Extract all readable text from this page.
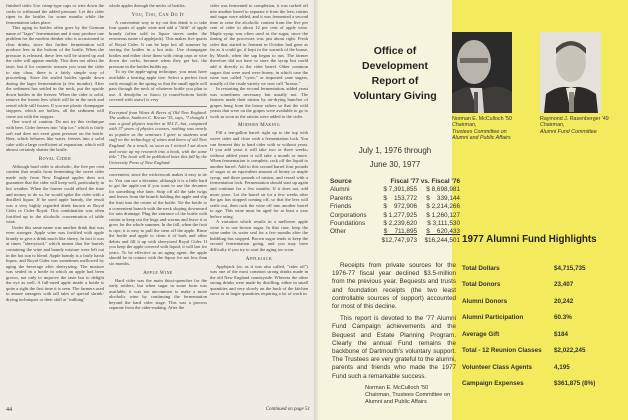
finished cider. Use crimp-type caps or wire down the corks to withstand the added pressure. Let this cider ripen in the bottles for some months while the fermentation takes place.

This aging in bottles often goes by the German name of "lager" fermentation and it may produce one problem for the modern drinker who is accustomed to clear drinks, since this further fermentation will produce lees in the bottom of the bottle. When the pressure is released, these lees will be stirred up and the cider will appear muddy. This does not affect the taste, but if for cosmetic reasons you want the cider to stay clear, there is a fairly simple way of proceeding. Store the sealed bottles upside down during the lager fermentation (a few months). After the sediment has settled in the neck, put the upside down bottles in the freezer. When the cider is solid, remove the frozen lees which will be in the neck and reseal while still frozen. If you use plastic champagne stoppers, which are hollow, all the sediment will come out with the stopper.

One word of caution: Do not try this technique with beer. Cider freezes into "slip ice," which is fairly soft and does not exert great pressure on the bottle. Beer, which behaves like water, freezes into a solid cake with a large coefficient of expansion, which will almost certainly shatter the bottle.

Royal Cider

Although hard cider is alcoholic, the five per cent content that results from fermenting the sweet cider made only from New England apples does not guarantee that the cider will keep well, particularly in hot weather. When the farmer could afford the time and money to do so, he would spike the cider with a distilled liquor. If he used apple brandy, the result was a very highly regarded drink known as Royal Cider or Cider Royal. This combination was often fortified up to the alcoholic concentration of table wine.

Under this same name was another drink that was even stronger. Apple wine was fortified with apple brandy to give a drink much like sherry. In fact it was at times "sherryized," which means that the barrels containing the wine and brandy mixture were left out in the hot sun to blend. Apple brandy is a fairly harsh liquor, and Royal Cider was sometimes mellowed by aging the beverage after sherryizing. The mixture was sealed in a bottle in which an apple had been grown, not only to improve the taste but to delight the eye as well. A full-sized apple inside a bottle is quite a sight the first time it is seen. The farmers used to amaze strangers with tall tales of special shrink-drying techniques or their skill at "milking"

whole apples through the necks of bottles.

You, Too, Can Do It

A convenient way to try out this drink is to take four quarts of apple wine and add a "fifth" of apple brandy (often sold in liquor stores under the erroneous name of applejack). This makes five quarts of Royal Cider. It can be kept hot all summer by storing the bottles in a hot attic. Use champagne bottles and either close them with crimp caps or wire down the corks, because when they get hot, the pressure in the bottles builds up.

To try the apple-aging technique, you must have available a bearing apple tree. Select a perfect fruit early enough in the spring so that the small apple will pass through the neck of whatever bottle you plan to use. A demijohn or fiasco (a round-bottom bottle covered with straw) is very

Excerpted from Wines & Beers of Old New England. The author, Sanborn C. Brown '35, says, "I thought I was a good physics teacher at M.I.T., but, compared with 37 years of physics courses, nothing was nearly as popular as the seminars I gave to students and staff on the technology of wines and beers of old New England. As a result, as soon as I retired I sat down and wrote up my research into a book, with the same title." The book will be published later this fall by the University Press of New England.

convenient, since the wickerwork makes it easy to tie to. You can use a decanter, although it is a little hard to get the apple out if you want to use the decanter for something else later. Strip off all the side twigs and leaves from the branch holding the apple and slip the fruit into the center of the bottle. Tie the bottle to a convenient branch with the neck sloping downward for rain drainage. Plug the entrance of the bottle with cotton to keep out the bugs and worms and leave it to grow for the whole summer. In the fall, when the fruit is ripe, it is easy to pull the stem off the apple. Rinse the bottle and apple to clean it of bark and other debris and fill it up with sherryized Royal Cider. If you keep the apple covered with liquid, it will last for years. To be effective as an aging agent, the apple should be in contact with the liquor for not less than six months.

Apple Wine

Hard cider was the main thirst-quencher for the early settlers, but when sugar in some form was available, it was not uncommon to make a more alcoholic wine by continuing the fermentation beyond the hard cider stage. This was a process separate from the cider-making. After the

cider was fermented to completion, it was racked off into another barrel to separate it from the lees; raisins and sugar were added, and it was fermented a second time to raise the alcoholic content from the five per cent of cider to about 12 per cent of apple wine. Maple syrup was often used as the sugar, since the timing of the processes was just about right. Fresh cider that started to ferment in October had gone as far as it could go, if kept in the warmth of the house, by March, when the sap began to run. The farmer therefore did not have to store the syrup but could add it directly to the cider barrel. Other common sugars that were used were honey, in which case the wine was called "cyser," or imported cane sugars, usually of the crude variety we now call "brown."

In restarting the second fermentation, added yeast was sometimes necessary but usually not. The farmers made their raisins by air-drying bunches of grapes hung from the house rafters so that the wild yeasts that were on the grapes were available to go to work as soon as the raisins were added to the cider.

Modern Making

Fill a ten-gallon barrel right up to the top with sweet cider and close with a fermentation lock. You can ferment this to hard cider with or without yeast. If you add yeast it will take two or three weeks; without added yeast it will take a month or more. When fermentation is complete, rack off the liquid to another barrel. Add to this second barrel four pounds of sugar or an equivalent amount of honey or maple syrup, and three pounds of raisins, and reseal with a fermentation lock. Fermentation should start up again and continue for a few months. If it does not, add more yeast. Let the barrel sit for a few weeks after the gas has stopped coming off, so that the lees will settle out, then rack the wine off into another barrel to age. This wine must be aged for at least a year before using.

A variation which results in a mellower apple wine is to use brown sugar. In that case, keep the wine under its water seal for a few months after the bubbling has stopped. Brown sugar tends to keep the second fermentation going, and you may have difficulty if you try to start the aging too soon.

Applejack

Applejack (or, as it was also called, "cider oil") was one of the most common strong drinks made in the old New England countryside. Whereas the other strong drinks were made by distilling, either in small quantities and very slowly on the back of the kitchen stove or in larger quantities requiring a lot of work in

44	Continued on page 51
Office of
Development
Report of
Voluntary Giving
July 1, 1976 through
June 30, 1977
Source	Fiscal '77 vs. Fiscal '76	
Alumni	$ 7,391,855	$ 8,698,981
Parents	$    153,772	$    339,144
Friends	$    972,906	$ 2,214,266
Corporations	$ 1,277,925	$ 1,260,127
Foundations	$ 2,239,620	$ 3,111,530
Other	$    711,895	$    620,433
	$12,747,973	$16,244,501

Receipts from private sources for the 1976-77 fiscal year declined $3.5-million from the previous year. Bequests and trusts and foundation receipts (the two least controllable sources of support) accounted for most of this decline.

This report is devoted to the '77 Alumni Fund Campaign achievements and the Bequest and Estate Planning Program. Clearly the annual Fund remains the backbone of Dartmouth's voluntary support. The Trustees are very grateful to the alumni, parents and friends who made the 1977 Fund such a remarkable success.

Norman E. McCulloch '50
Chairman, Trustees Committee on
Alumni and Public Affairs
Norman E. McCulloch '50
Chairman,
Trustees Committee on
Alumni and Public Affairs
Raymond J. Rasenberger '49
Chairman,
Alumni Fund Committee
1977 Alumni Fund Highlights
Total Dollars	$4,715,735
Total Donors	23,407
Alumni Donors	20,242
Alumni Participation	60.3%
Average Gift	$184
Total - 12 Reunion Classes	$2,022,245
Volunteer Class Agents	4,195
Campaign Expenses	$361,875 (8%)
